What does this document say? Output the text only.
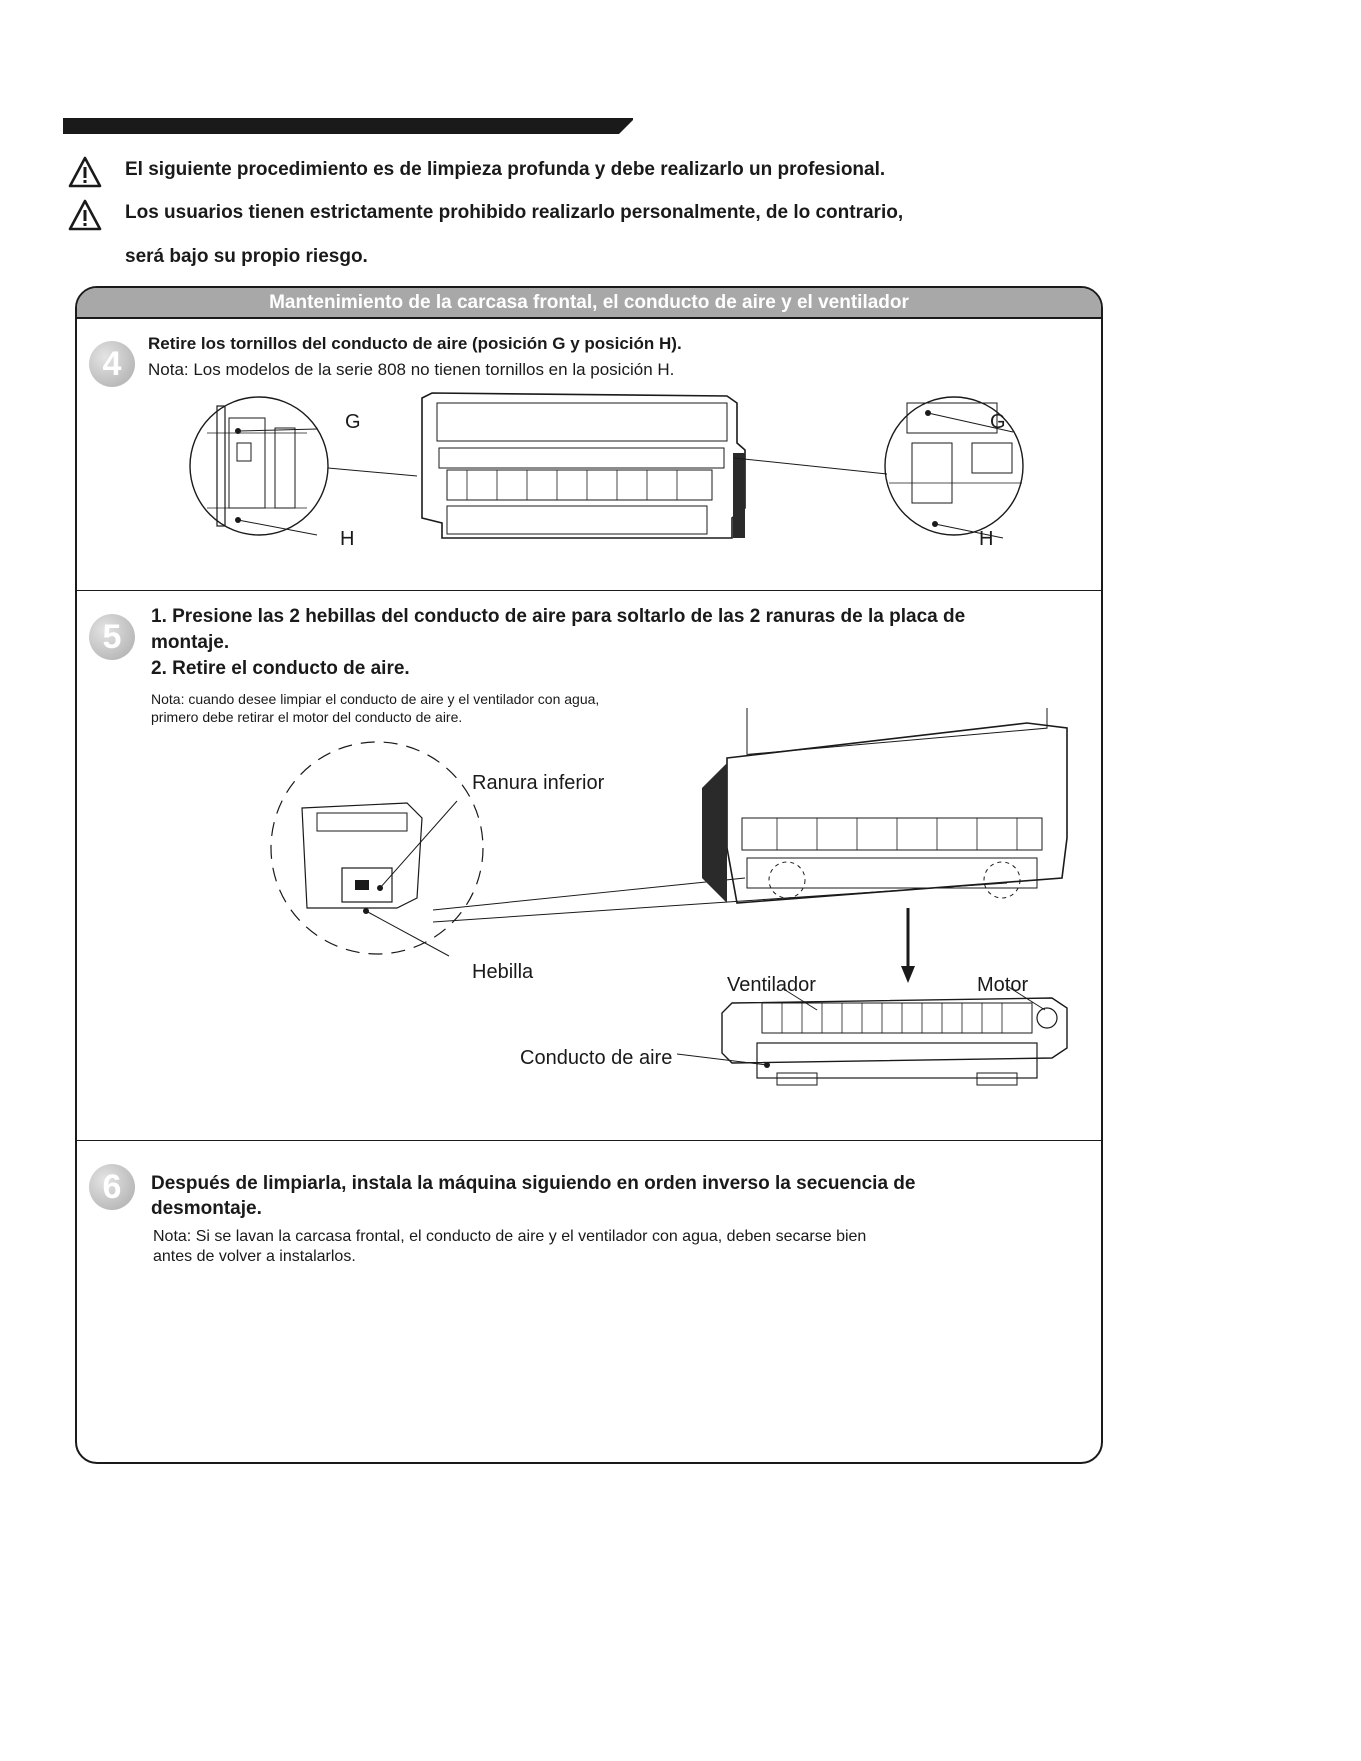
El siguiente procedimiento es de limpieza profunda y debe realizarlo un profesional.
Los usuarios tienen estrictamente prohibido realizarlo personalmente, de lo contrario,
será bajo su propio riesgo.
Mantenimiento de la carcasa frontal, el conducto de aire y el ventilador
4
Retire los tornillos del conducto de aire (posición G y posición H).
Nota: Los modelos de la serie 808 no tienen tornillos en la posición H.
G
H
G
H
5
1. Presione las 2 hebillas del conducto de aire para soltarlo de las 2 ranuras de la placa de
montaje.
2. Retire el conducto de aire.
Nota: cuando desee limpiar el conducto de aire y el ventilador con agua,
primero debe retirar el motor del conducto de aire.
Ranura inferior
Hebilla
Ventilador	Motor
Conducto de aire
6	Después de limpiarla, instala la máquina siguiendo en orden inverso la secuencia de
desmontaje.
Nota: Si se lavan la carcasa frontal, el conducto de aire y el ventilador con agua, deben secarse bien
antes de volver a instalarlos.
